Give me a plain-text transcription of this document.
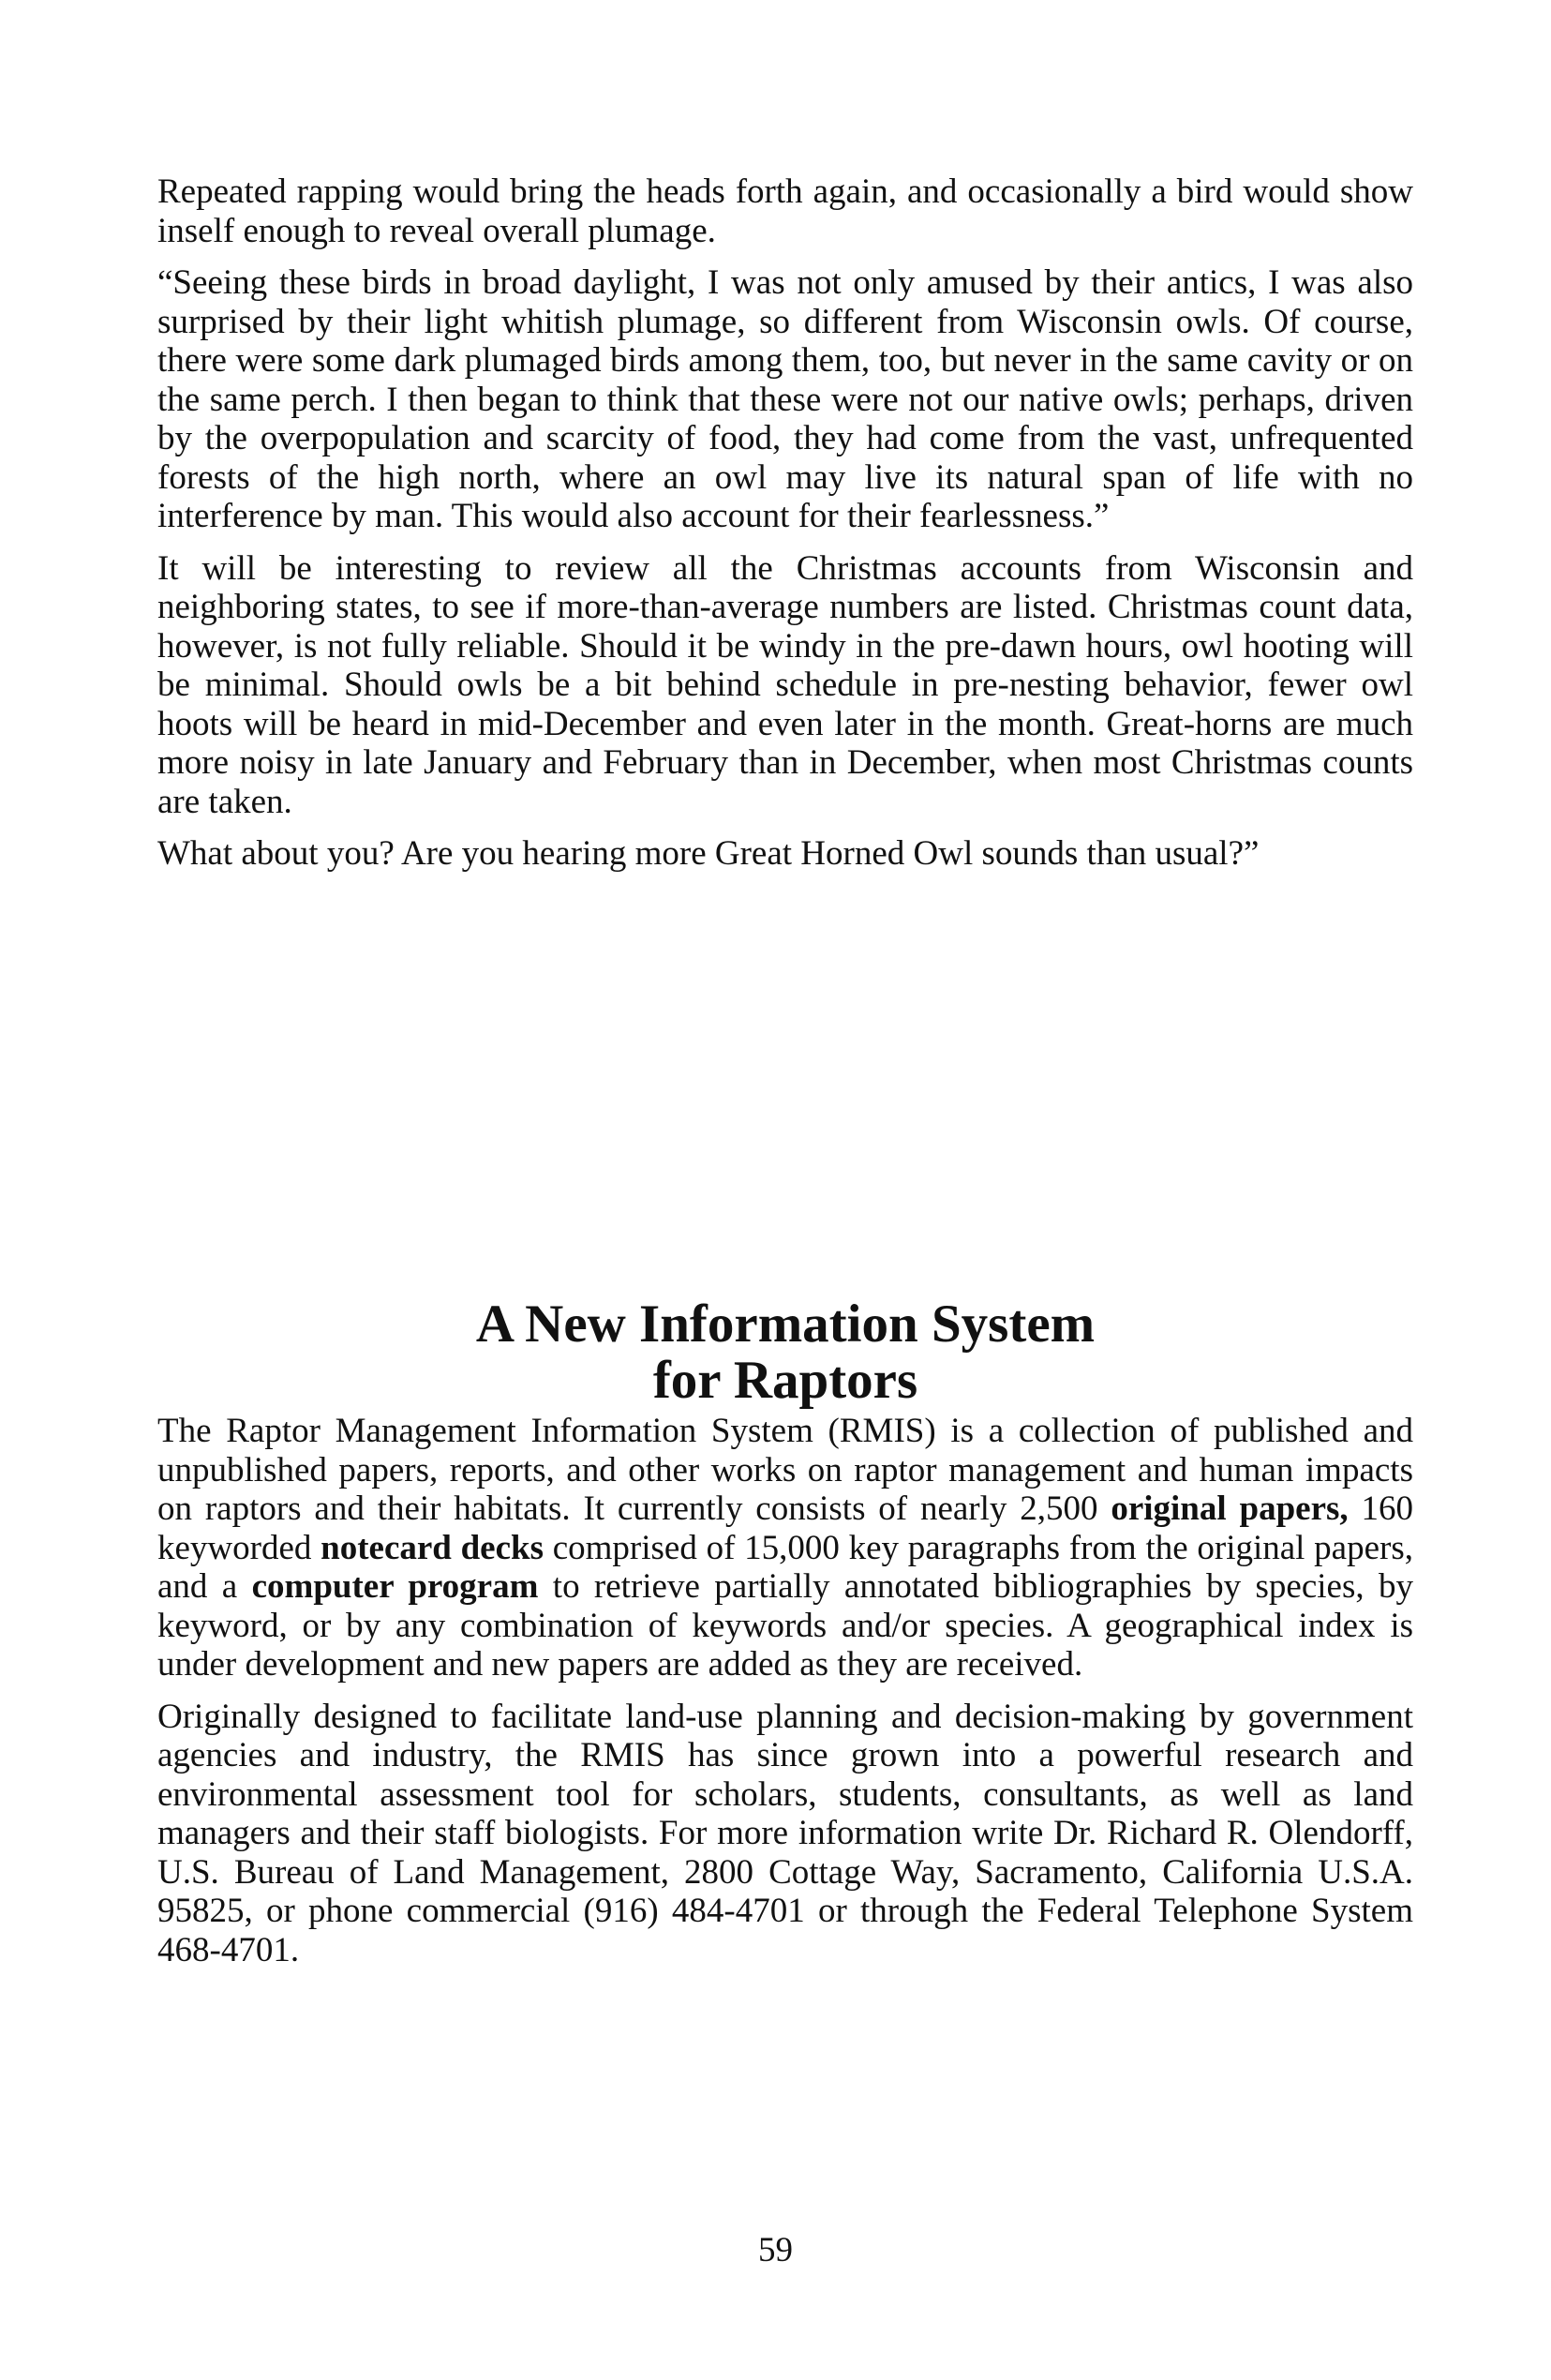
Repeated rapping would bring the heads forth again, and occasionally a bird would show inself enough to reveal overall plumage.

“Seeing these birds in broad daylight, I was not only amused by their antics, I was also surprised by their light whitish plumage, so different from Wisconsin owls. Of course, there were some dark plumaged birds among them, too, but never in the same cavity or on the same perch. I then began to think that these were not our native owls; perhaps, driven by the overpopulation and scarcity of food, they had come from the vast, unfrequented forests of the high north, where an owl may live its natural span of life with no interference by man. This would also account for their fearlessness.”

It will be interesting to review all the Christmas accounts from Wisconsin and neighboring states, to see if more-than-average numbers are listed. Christmas count data, however, is not fully reliable. Should it be windy in the pre-dawn hours, owl hooting will be minimal. Should owls be a bit behind schedule in pre-nesting behavior, fewer owl hoots will be heard in mid-December and even later in the month. Great-horns are much more noisy in late January and February than in December, when most Christmas counts are taken.

What about you? Are you hearing more Great Horned Owl sounds than usual?”

A New Information System
for Raptors

The Raptor Management Information System (RMIS) is a collection of published and unpublished papers, reports, and other works on raptor management and human impacts on raptors and their habitats. It currently consists of nearly 2,500 original papers, 160 keyworded notecard decks comprised of 15,000 key paragraphs from the original papers, and a computer program to retrieve partially annotated bibliographies by species, by keyword, or by any combination of keywords and/or species. A geographical index is under development and new papers are added as they are received.

Originally designed to facilitate land-use planning and decision-making by government agencies and industry, the RMIS has since grown into a powerful research and environmental assessment tool for scholars, students, consultants, as well as land managers and their staff biologists. For more information write Dr. Richard R. Olendorff, U.S. Bureau of Land Management, 2800 Cottage Way, Sacramento, California U.S.A. 95825, or phone commercial (916) 484-4701 or through the Federal Telephone System 468-4701.

59
